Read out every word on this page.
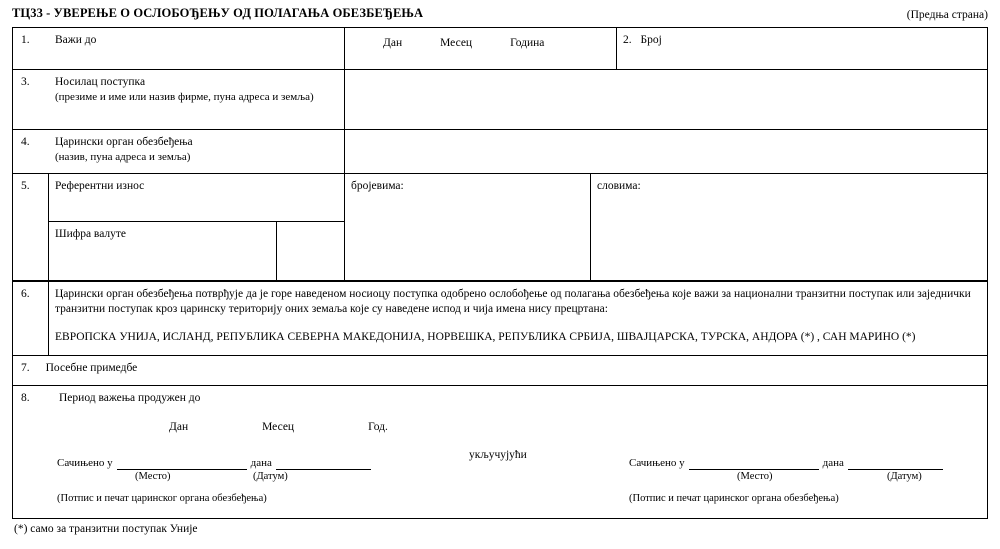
ТЦ33 - УВЕРЕЊЕ О ОСЛОБОЂЕЊУ ОД ПОЛАГАЊА ОБЕЗБЕЂЕЊА	(Предња страна)
1.	Важи до	Дан	Месец	Година	2. Број
3.	Носилац поступка
(презиме и име или назив фирме, пуна адреса и земља)
4.	Царински орган обезбеђења
(назив, пуна адреса и земља)
5.	Референтни износ
Шифра валуте
бројевима:	словима:
6.	Царински орган обезбеђења потврђује да је горе наведеном носиоцу поступка одобрено ослобођење од полагања обезбеђења које важи за национални транзитни поступак или заједнички транзитни поступак кроз царинску територију оних земаља које су наведене испод и чија имена нису прецртана:

ЕВРОПСКА УНИЈА, ИСЛАНД, РЕПУБЛИКА СЕВЕРНА МАКЕДОНИЈА, НОРВЕШКА, РЕПУБЛИКА СРБИЈА, ШВАЈЦАРСКА, ТУРСКА, АНДОРА (*) , САН МАРИНО (*)
7.	Посебне примедбе
8.	Период важења продужен до
Дан	Месец	Год.
укључујући
Сачињено у	дана
(Место)	(Датум)
(Потпис и печат царинског органа обезбеђења)
Сачињено у	дана
(Место)	(Датум)
(Потпис и печат царинског органа обезбеђења)
(*) само за транзитни поступак Уније
